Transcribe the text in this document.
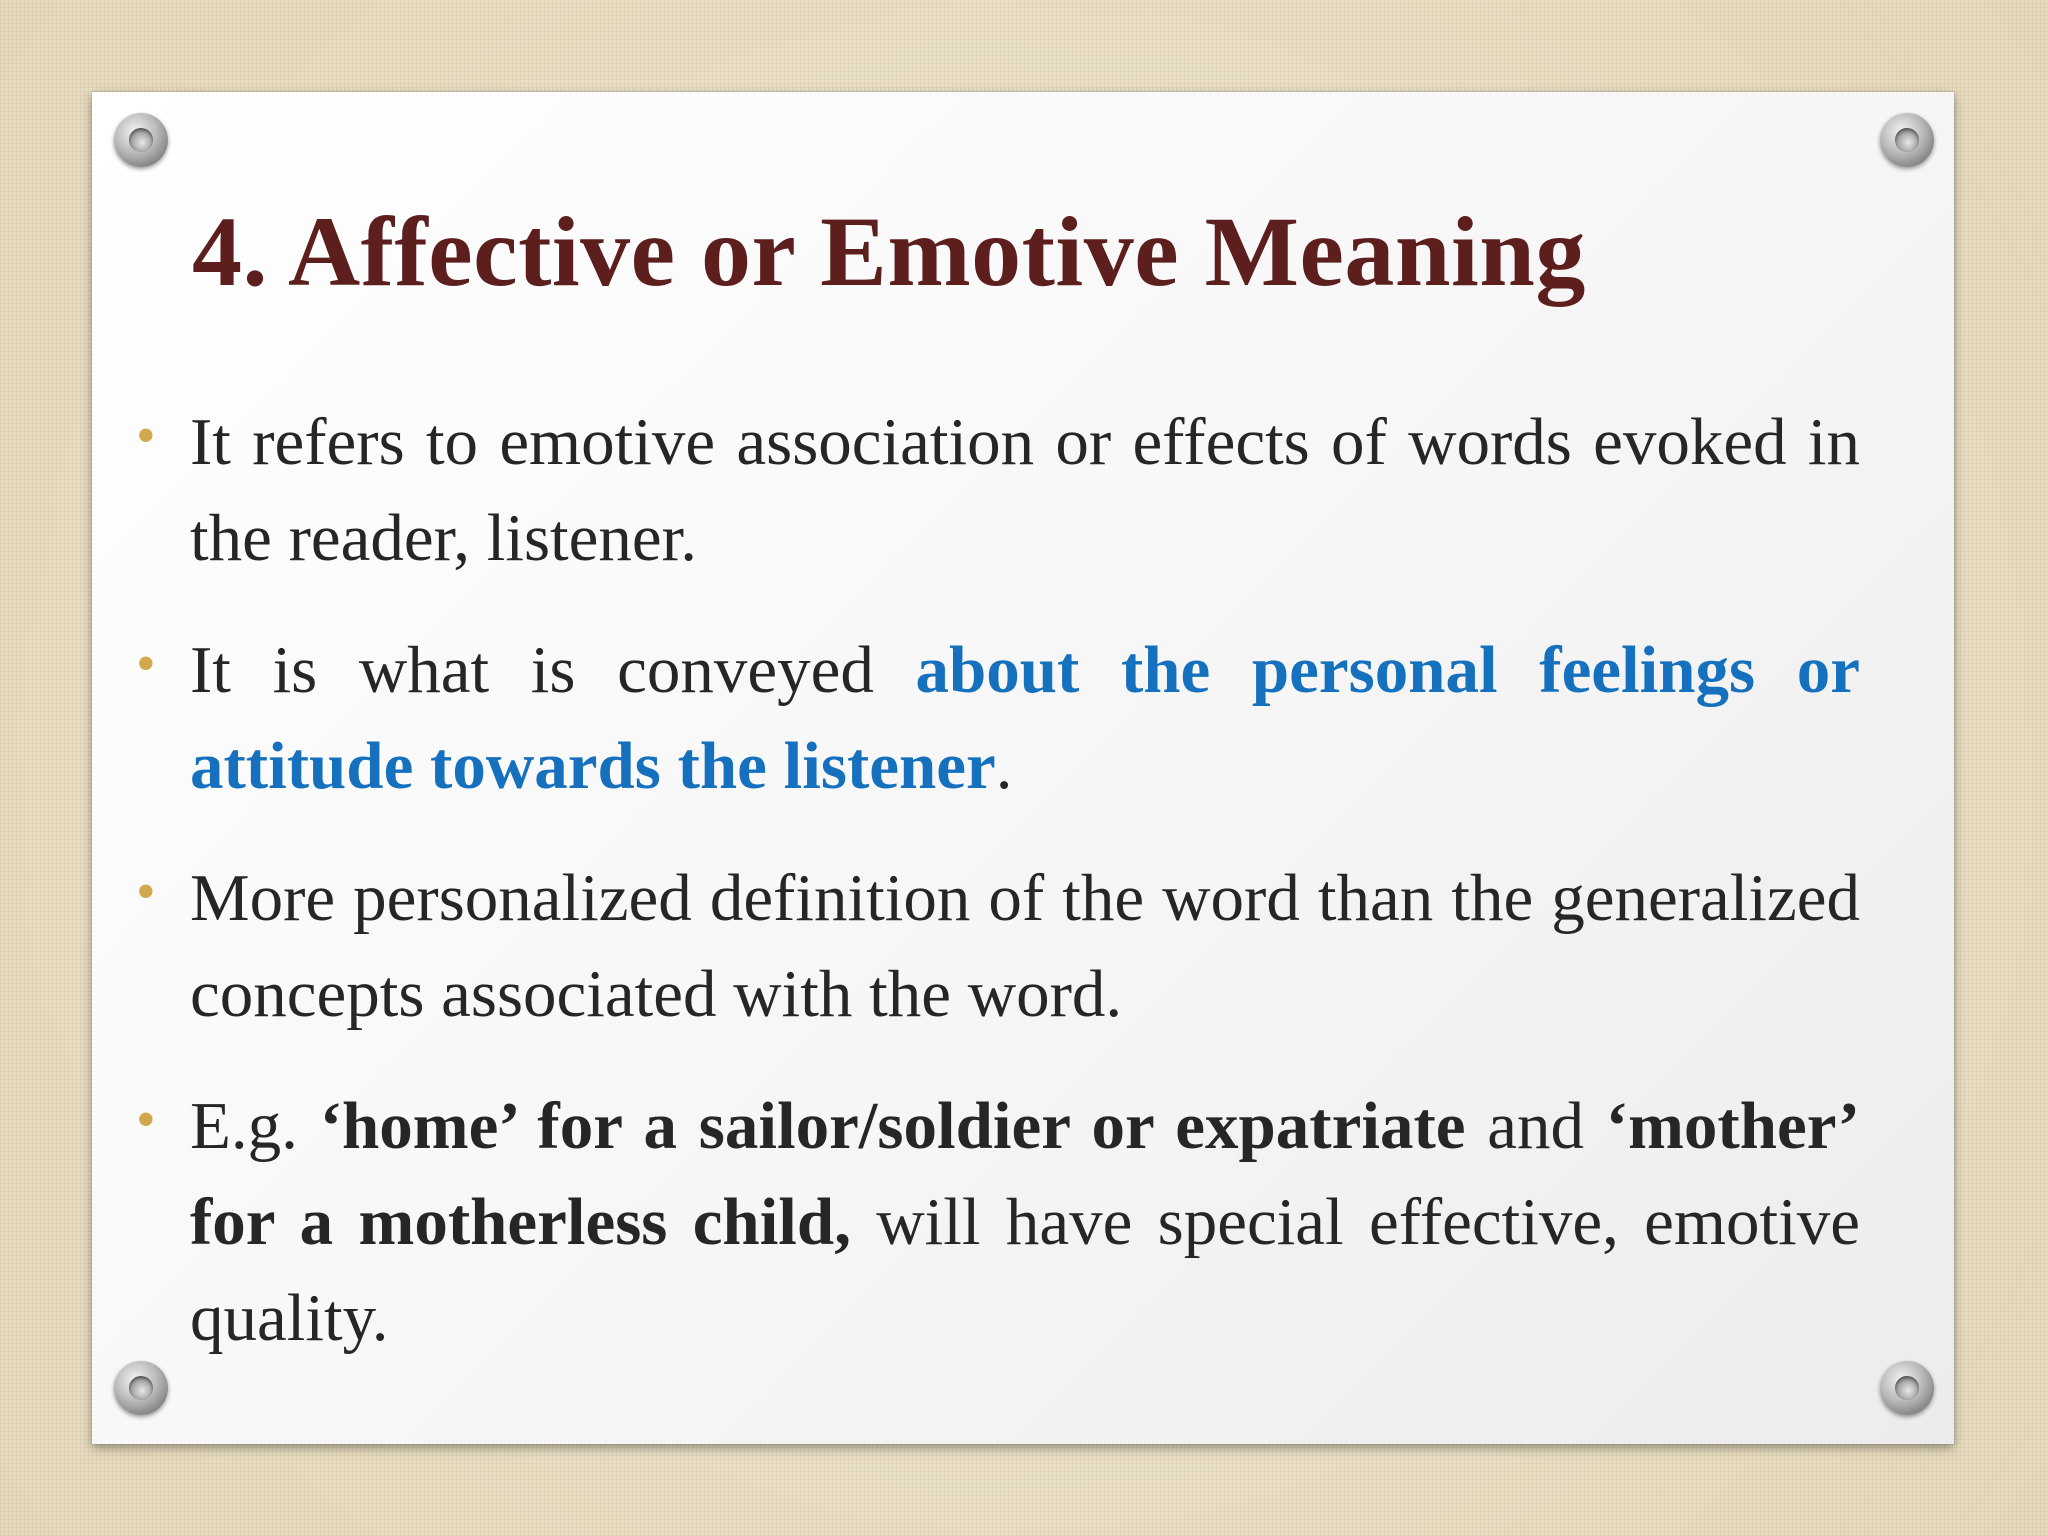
4. Affective or Emotive Meaning
• It refers to emotive association or effects of words evoked in the reader, listener.
• It is what is conveyed about the personal feelings or attitude towards the listener.
• More personalized definition of the word than the generalized concepts associated with the word.
• E.g. ‘home’ for a sailor/soldier or expatriate and ‘mother’ for a motherless child, will have special effective, emotive quality.
